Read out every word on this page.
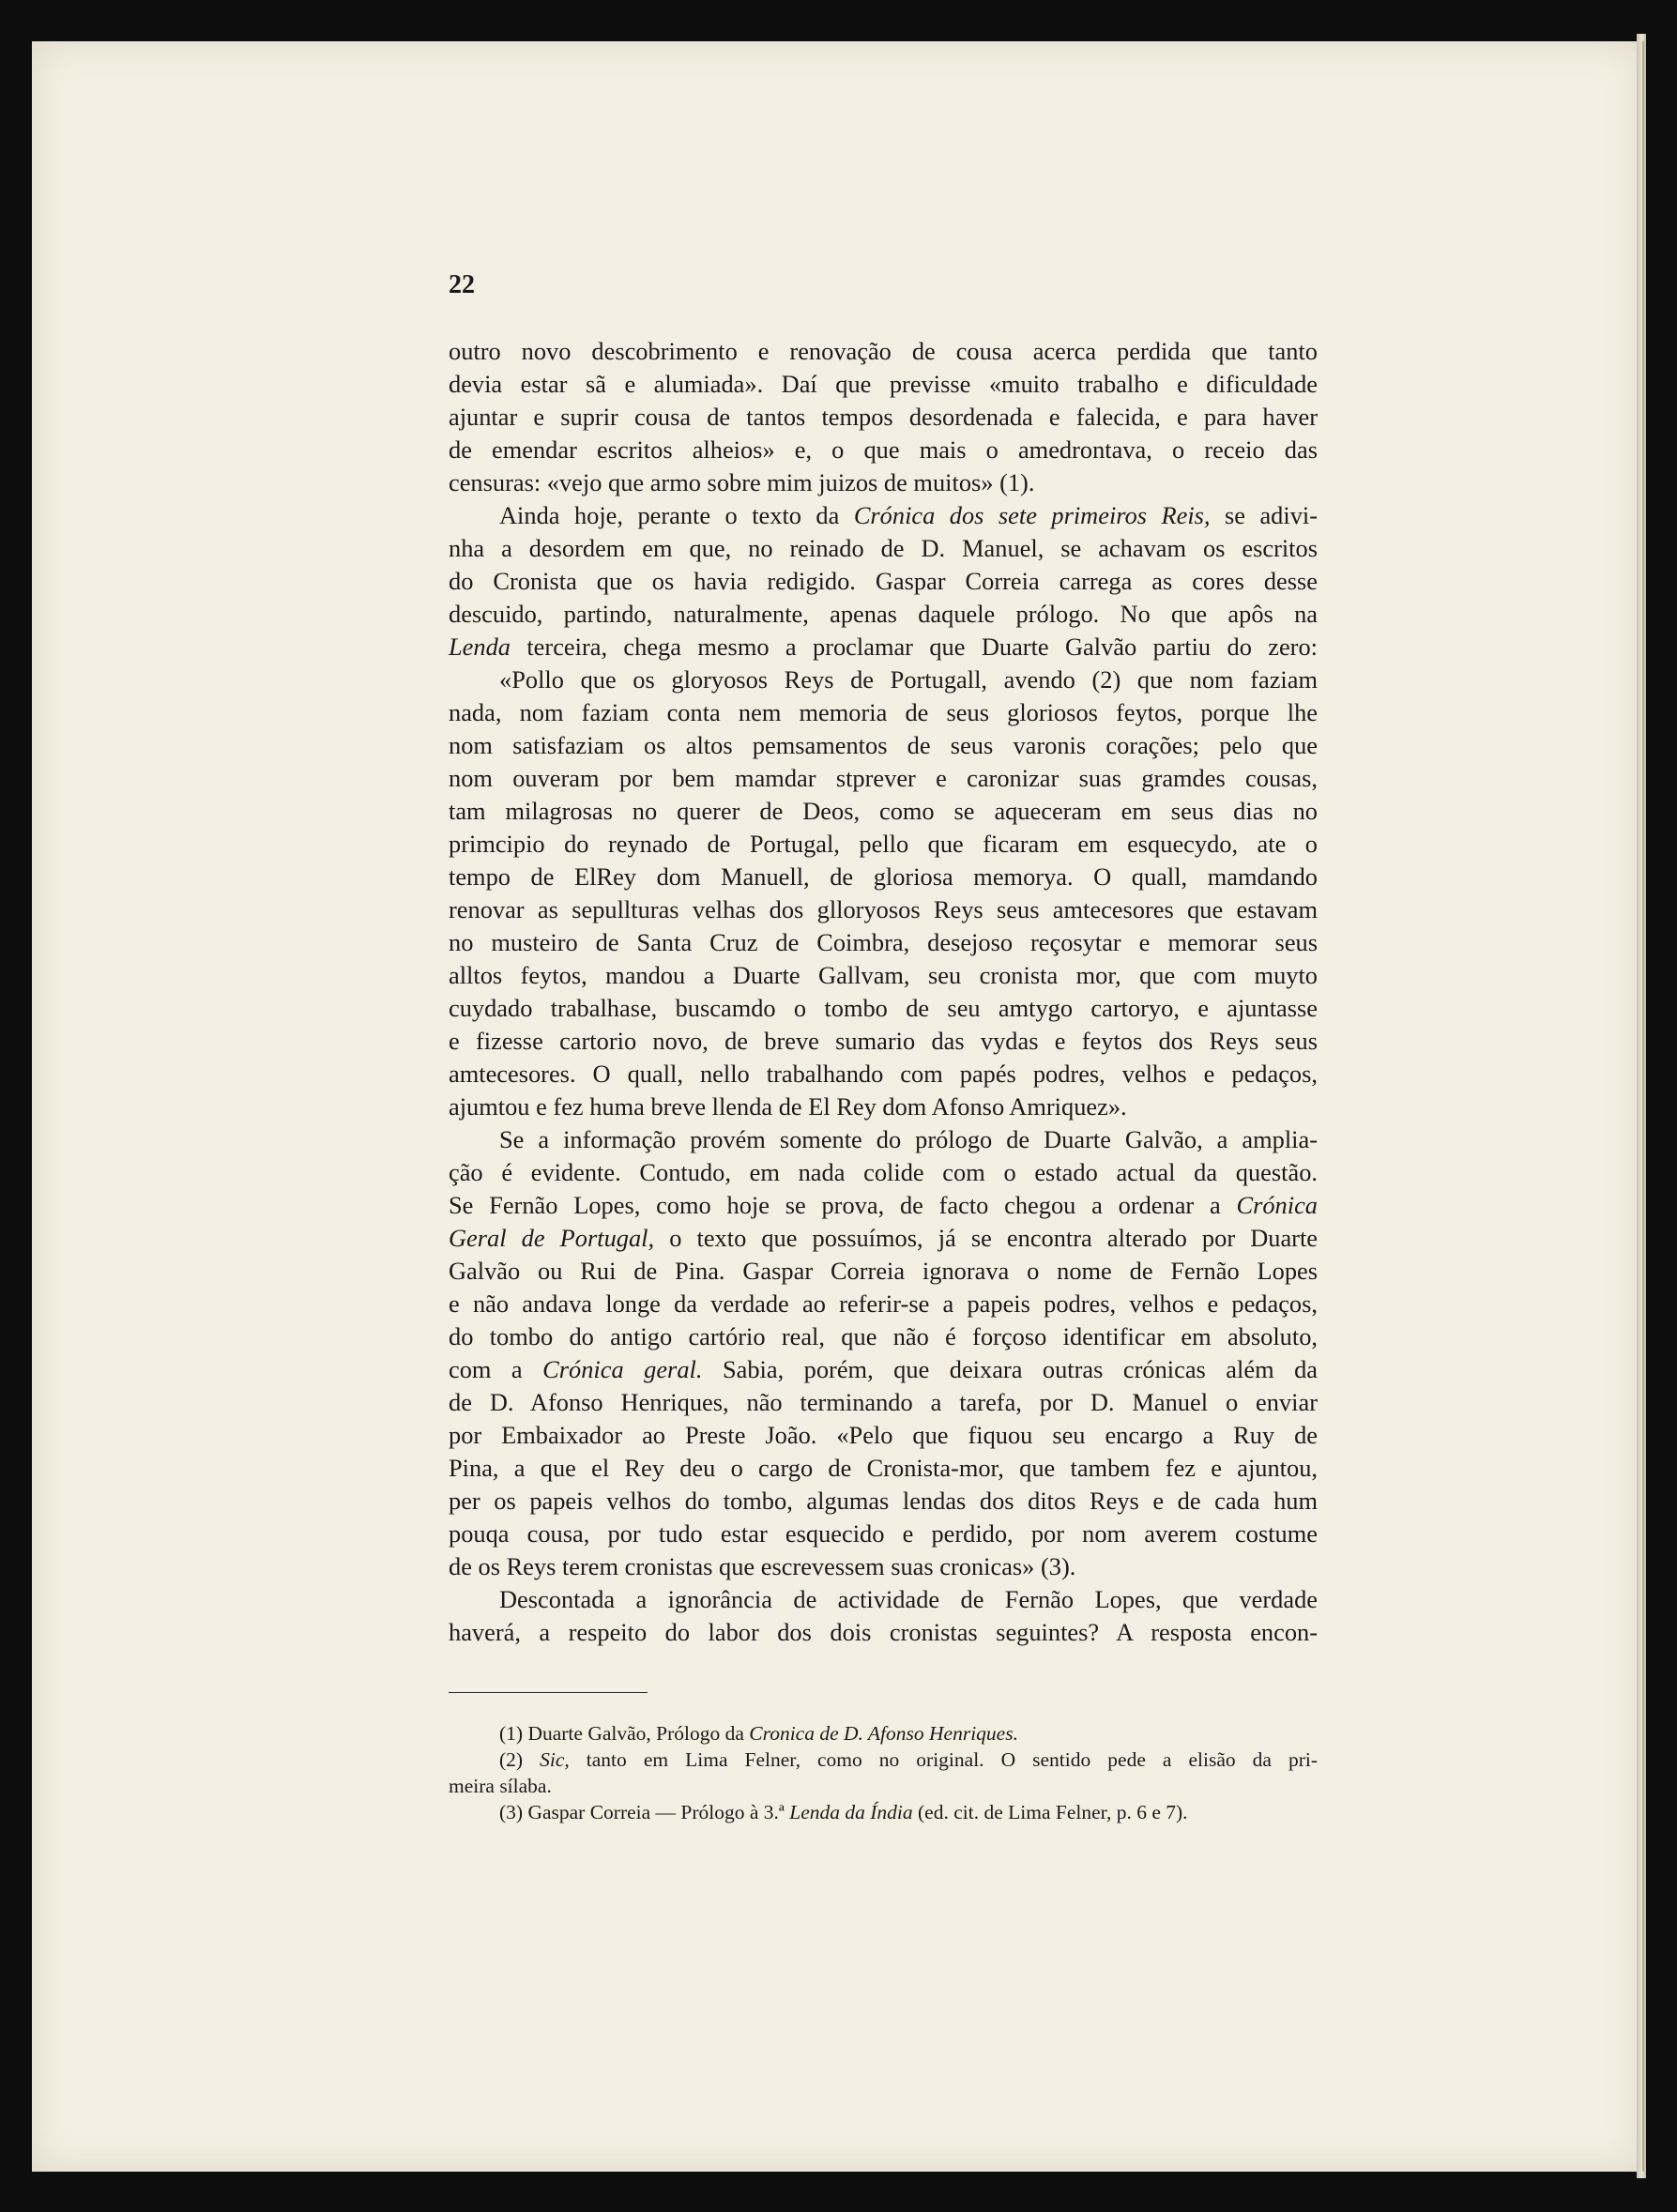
22
outro novo descobrimento e renovação de cousa acerca perdida que tanto
devia estar sã e alumiada». Daí que previsse «muito trabalho e dificuldade
ajuntar e suprir cousa de tantos tempos desordenada e falecida, e para haver
de emendar escritos alheios» e, o que mais o amedrontava, o receio das
censuras: «vejo que armo sobre mim juizos de muitos» (1).
Ainda hoje, perante o texto da Crónica dos sete primeiros Reis, se adivi-
nha a desordem em que, no reinado de D. Manuel, se achavam os escritos
do Cronista que os havia redigido. Gaspar Correia carrega as cores desse
descuido, partindo, naturalmente, apenas daquele prólogo. No que apôs na
Lenda terceira, chega mesmo a proclamar que Duarte Galvão partiu do zero:
«Pollo que os gloryosos Reys de Portugall, avendo (2) que nom faziam
nada, nom faziam conta nem memoria de seus gloriosos feytos, porque lhe
nom satisfaziam os altos pemsamentos de seus varonis corações; pelo que
nom ouveram por bem mamdar stprever e caronizar suas gramdes cousas,
tam milagrosas no querer de Deos, como se aqueceram em seus dias no
primcipio do reynado de Portugal, pello que ficaram em esquecydo, ate o
tempo de ElRey dom Manuell, de gloriosa memorya. O quall, mamdando
renovar as sepullturas velhas dos glloryosos Reys seus amtecesores que estavam
no musteiro de Santa Cruz de Coimbra, desejoso reçosytar e memorar seus
alltos feytos, mandou a Duarte Gallvam, seu cronista mor, que com muyto
cuydado trabalhase, buscamdo o tombo de seu amtygo cartoryo, e ajuntasse
e fizesse cartorio novo, de breve sumario das vydas e feytos dos Reys seus
amtecesores. O quall, nello trabalhando com papés podres, velhos e pedaços,
ajumtou e fez huma breve llenda de El Rey dom Afonso Amriquez».
Se a informação provém somente do prólogo de Duarte Galvão, a amplia-
ção é evidente. Contudo, em nada colide com o estado actual da questão.
Se Fernão Lopes, como hoje se prova, de facto chegou a ordenar a Crónica
Geral de Portugal, o texto que possuímos, já se encontra alterado por Duarte
Galvão ou Rui de Pina. Gaspar Correia ignorava o nome de Fernão Lopes
e não andava longe da verdade ao referir-se a papeis podres, velhos e pedaços,
do tombo do antigo cartório real, que não é forçoso identificar em absoluto,
com a Crónica geral. Sabia, porém, que deixara outras crónicas além da
de D. Afonso Henriques, não terminando a tarefa, por D. Manuel o enviar
por Embaixador ao Preste João. «Pelo que fiquou seu encargo a Ruy de
Pina, a que el Rey deu o cargo de Cronista-mor, que tambem fez e ajuntou,
per os papeis velhos do tombo, algumas lendas dos ditos Reys e de cada hum
pouqa cousa, por tudo estar esquecido e perdido, por nom averem costume
de os Reys terem cronistas que escrevessem suas cronicas» (3).
Descontada a ignorância de actividade de Fernão Lopes, que verdade
haverá, a respeito do labor dos dois cronistas seguintes? A resposta encon-
(1) Duarte Galvão, Prólogo da Cronica de D. Afonso Henriques.
(2) Sic, tanto em Lima Felner, como no original. O sentido pede a elisão da pri-
meira sílaba.
(3) Gaspar Correia — Prólogo à 3.ª Lenda da Índia (ed. cit. de Lima Felner, p. 6 e 7).
